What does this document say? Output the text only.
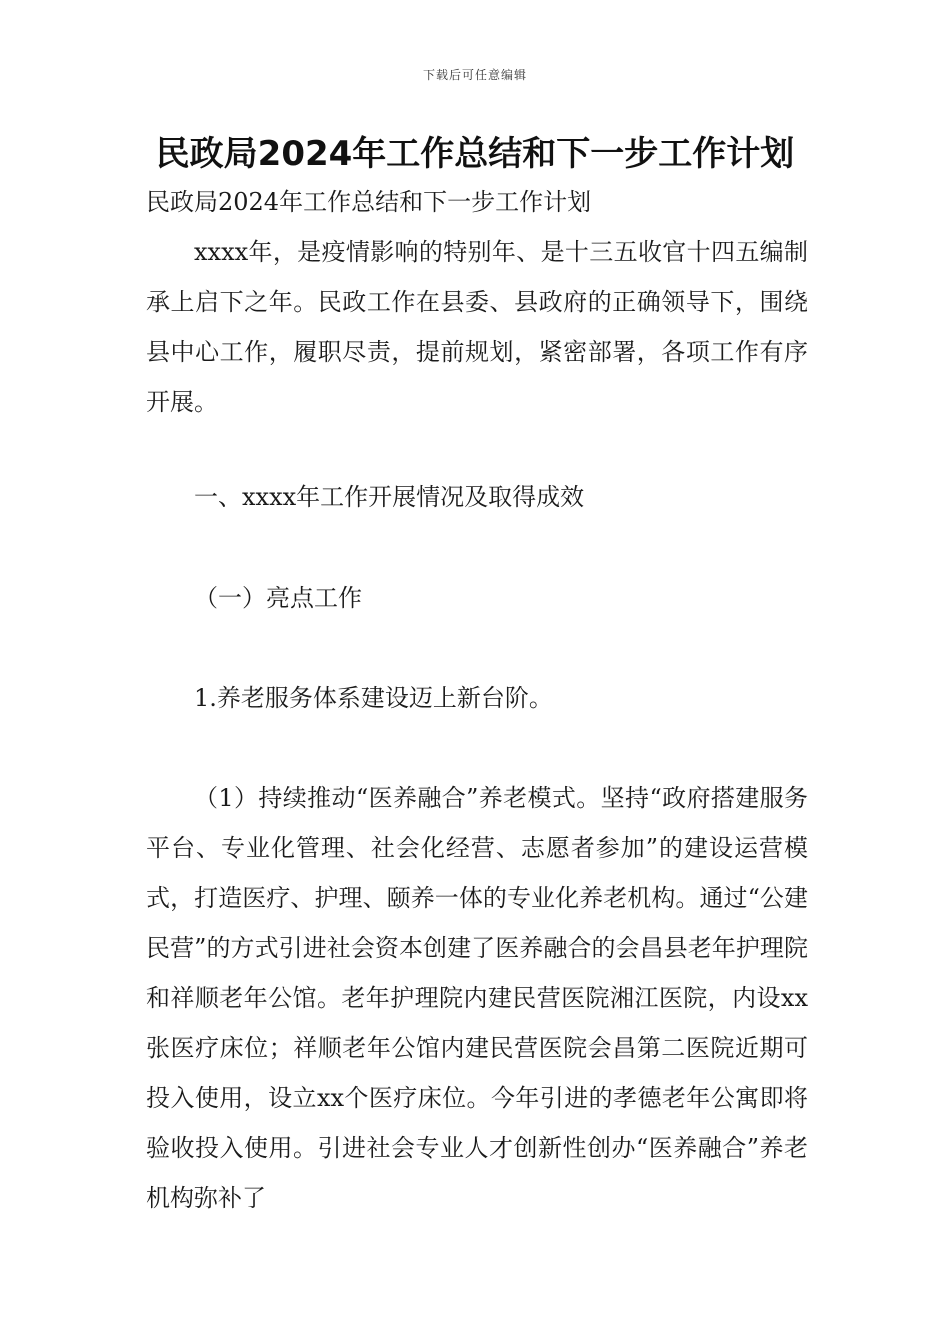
下载后可任意编辑
民政局2024年工作总结和下一步工作计划
民政局2024年工作总结和下一步工作计划
xxxx年，是疫情影响的特别年、是十三五收官十四五编制承上启下之年。民政工作在县委、县政府的正确领导下，围绕县中心工作，履职尽责，提前规划，紧密部署，各项工作有序开展。
一、xxxx年工作开展情况及取得成效
（一）亮点工作
1.养老服务体系建设迈上新台阶。
（1）持续推动“医养融合”养老模式。坚持“政府搭建服务平台、专业化管理、社会化经营、志愿者参加”的建设运营模式，打造医疗、护理、颐养一体的专业化养老机构。通过“公建民营”的方式引进社会资本创建了医养融合的会昌县老年护理院和祥顺老年公馆。老年护理院内建民营医院湘江医院，内设xx张医疗床位；祥顺老年公馆内建民营医院会昌第二医院近期可投入使用，设立xx个医疗床位。今年引进的孝德老年公寓即将验收投入使用。引进社会专业人才创新性创办“医养融合”养老机构弥补了
